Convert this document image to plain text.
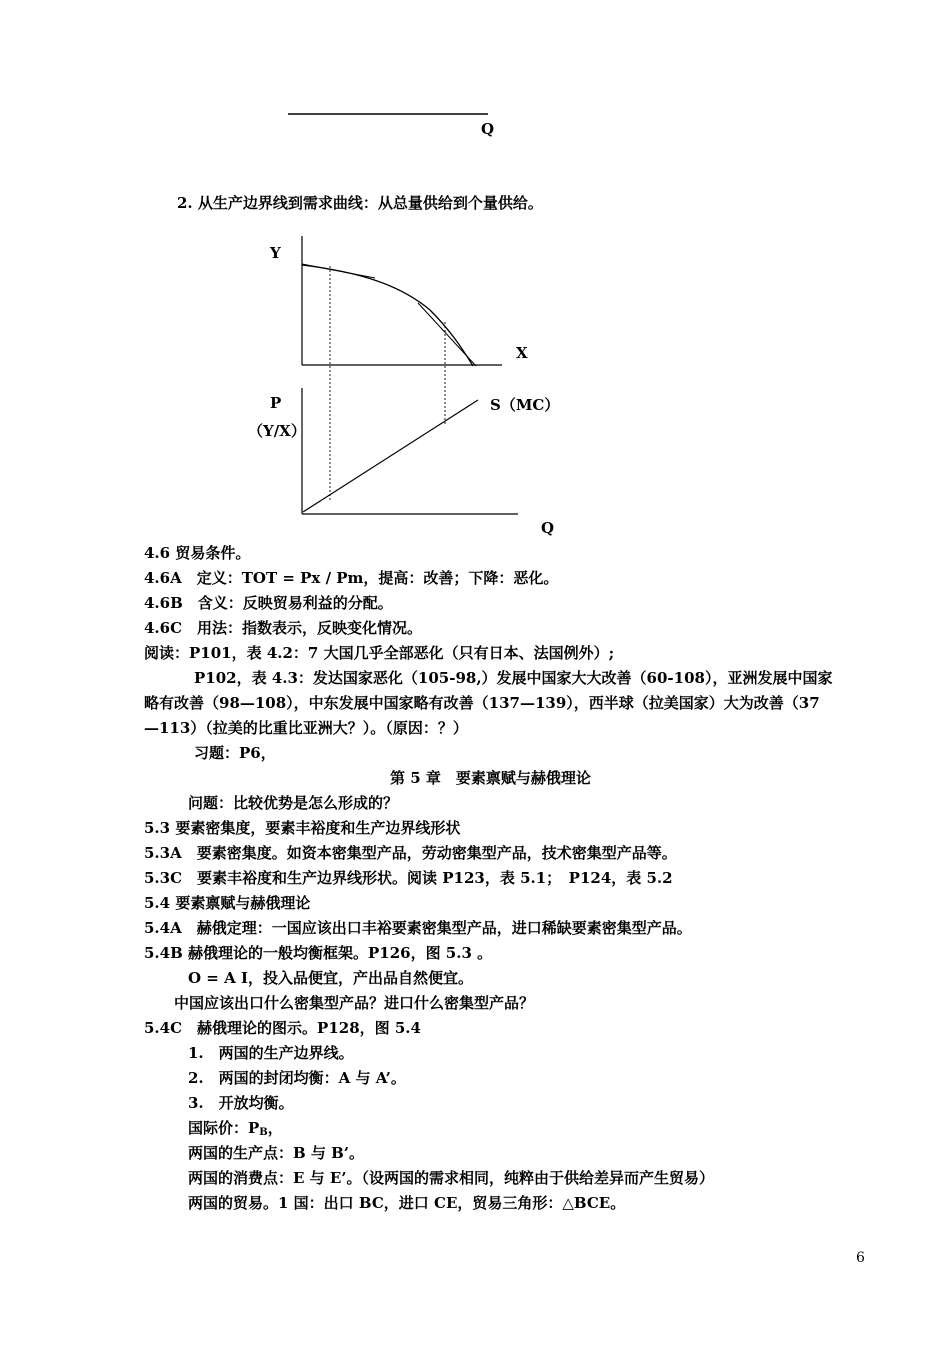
Q
2. 从生产边界线到需求曲线：从总量供给到个量供给。
Y
X
P
（Y/X）
S（MC）
Q
4.6 贸易条件。
4.6A　定义：TOT = Px / Pm，提高：改善；下降：恶化。
4.6B　含义：反映贸易利益的分配。
4.6C　用法：指数表示，反映变化情况。
阅读：P101，表 4.2：7 大国几乎全部恶化（只有日本、法国例外）;
P102，表 4.3：发达国家恶化（105-98,）发展中国家大大改善（60-108），亚洲发展中国家
略有改善（98—108），中东发展中国家略有改善（137—139），西半球（拉美国家）大为改善（37
—113）（拉美的比重比亚洲大？）。（原因：？）
习题：P6，
第 5 章　要素禀赋与赫俄理论
问题：比较优势是怎么形成的？
5.3 要素密集度，要素丰裕度和生产边界线形状
5.3A　要素密集度。如资本密集型产品，劳动密集型产品，技术密集型产品等。
5.3C　要素丰裕度和生产边界线形状。阅读 P123，表 5.1；　P124，表 5.2
5.4 要素禀赋与赫俄理论
5.4A　赫俄定理：一国应该出口丰裕要素密集型产品，进口稀缺要素密集型产品。
5.4B 赫俄理论的一般均衡框架。P126，图 5.3 。
O = A I，投入品便宜，产出品自然便宜。
中国应该出口什么密集型产品？进口什么密集型产品？
5.4C　赫俄理论的图示。P128，图 5.4
1.　两国的生产边界线。
2.　两国的封闭均衡：A 与 A’。
3.　开放均衡。
国际价：$P_B$，
两国的生产点：B 与 B’。
两国的消费点：E 与 E’。（设两国的需求相同，纯粹由于供给差异而产生贸易）
两国的贸易。1 国：出口 BC，进口 CE，贸易三角形：△BCE。
6
